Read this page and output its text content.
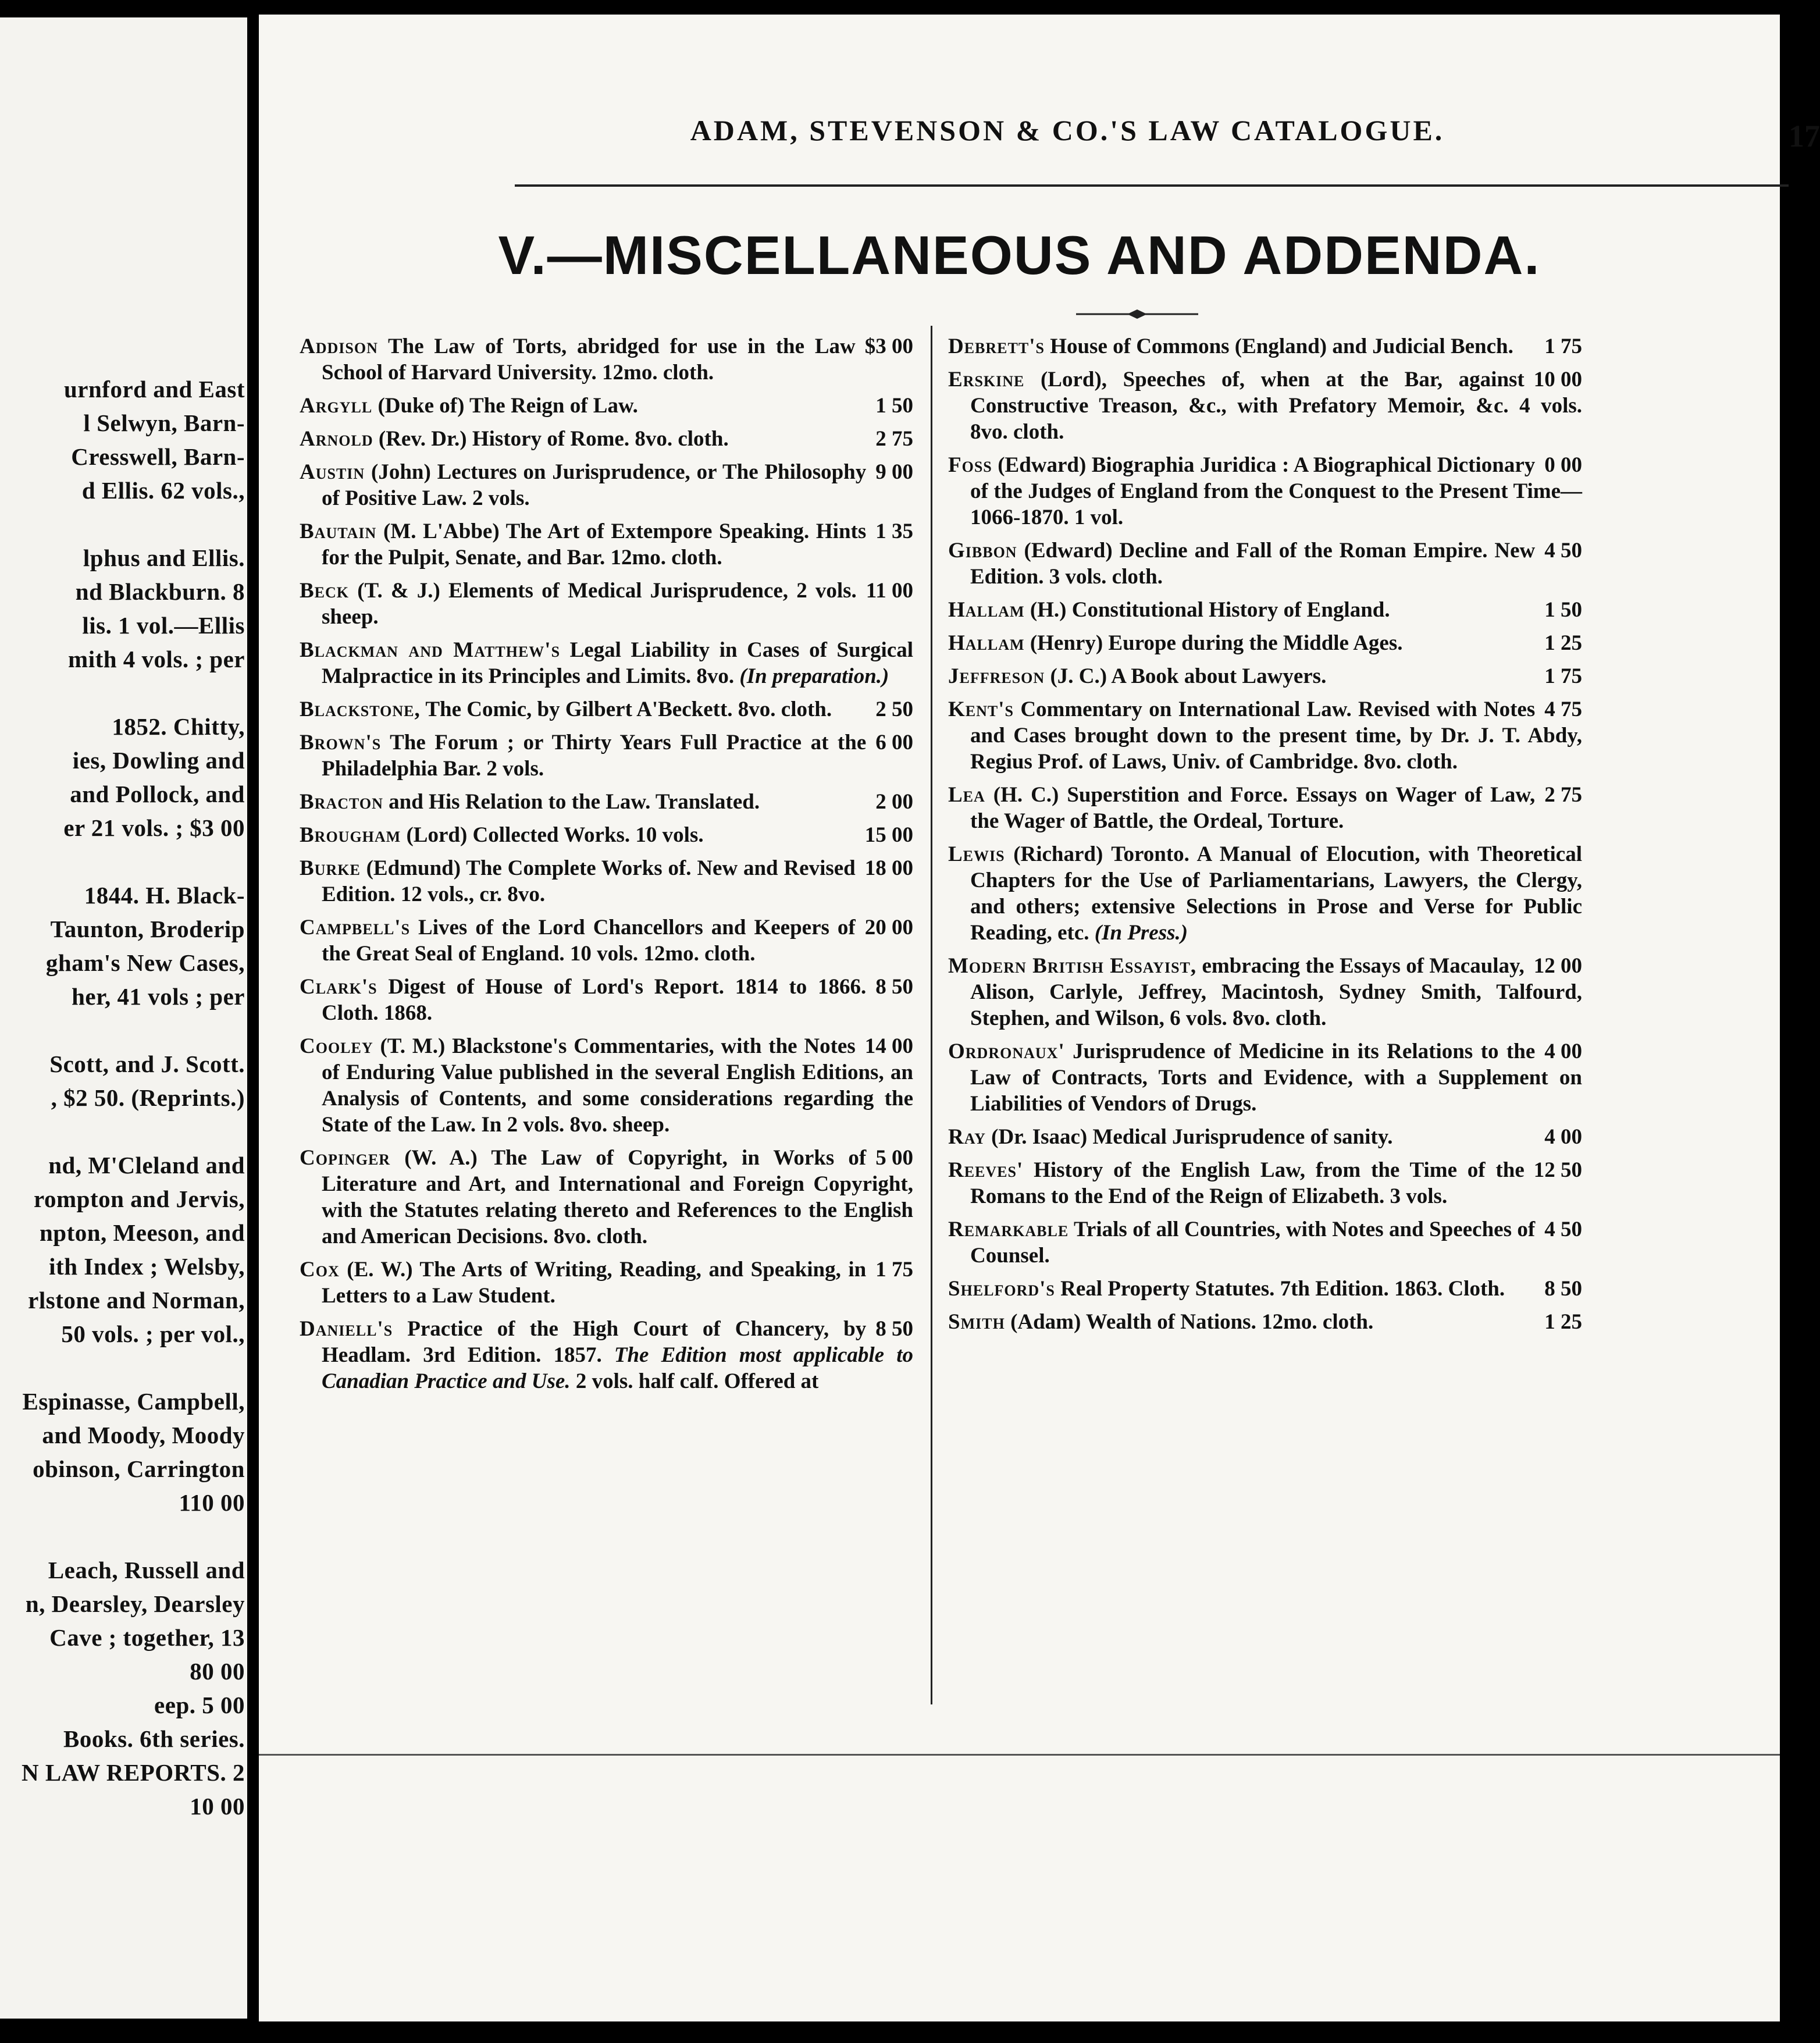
urnford and East
l Selwyn, Barn-
Cresswell, Barn-
d Ellis. 62 vols.,
lphus and Ellis.
nd Blackburn. 8
lis. 1 vol.—Ellis
mith 4 vols. ; per
1852. Chitty,
ies, Dowling and
and Pollock, and
er 21 vols. ; $3 00
1844. H. Black-
Taunton, Broderip
gham's New Cases,
her, 41 vols ; per
Scott, and J. Scott.
, $2 50. (Reprints.)
nd, M'Cleland and
rompton and Jervis,
npton, Meeson, and
ith Index ; Welsby,
rlstone and Norman,
50 vols. ; per vol.,
Espinasse, Campbell,
and Moody, Moody
obinson, Carrington
110 00
Leach, Russell and
n, Dearsley, Dearsley
Cave ; together, 13
80 00
eep. 5 00
Books. 6th series.
N LAW REPORTS. 2
10 00
ADAM, STEVENSON & CO.'S LAW CATALOGUE.	17
V.—MISCELLANEOUS AND ADDENDA.
$3 00
Addison The Law of Torts, abridged for use in the Law School of Harvard University. 12mo. cloth.
1 50
Argyll (Duke of) The Reign of Law.
2 75
Arnold (Rev. Dr.) History of Rome. 8vo. cloth.
9 00
Austin (John) Lectures on Jurisprudence, or The Philosophy of Positive Law. 2 vols.
1 35
Bautain (M. L'Abbe) The Art of Extempore Speaking. Hints for the Pulpit, Senate, and Bar. 12mo. cloth.
11 00
Beck (T. & J.) Elements of Medical Jurisprudence, 2 vols. sheep.
Blackman and Matthew's Legal Liability in Cases of Surgical Malpractice in its Principles and Limits. 8vo. (In preparation.)
2 50
Blackstone, The Comic, by Gilbert A'Beckett. 8vo. cloth.
6 00
Brown's The Forum ; or Thirty Years Full Practice at the Philadelphia Bar. 2 vols.
2 00
Bracton and His Relation to the Law. Translated.
15 00
Brougham (Lord) Collected Works. 10 vols.
18 00
Burke (Edmund) The Complete Works of. New and Revised Edition. 12 vols., cr. 8vo.
20 00
Campbell's Lives of the Lord Chancellors and Keepers of the Great Seal of England. 10 vols. 12mo. cloth.
8 50
Clark's Digest of House of Lord's Report. 1814 to 1866. Cloth. 1868.
14 00
Cooley (T. M.) Blackstone's Commentaries, with the Notes of Enduring Value published in the several English Editions, an Analysis of Contents, and some considerations regarding the State of the Law. In 2 vols. 8vo. sheep.
5 00
Copinger (W. A.) The Law of Copyright, in Works of Literature and Art, and International and Foreign Copyright, with the Statutes relating thereto and References to the English and American Decisions. 8vo. cloth.
1 75
Cox (E. W.) The Arts of Writing, Reading, and Speaking, in Letters to a Law Student.
8 50
Daniell's Practice of the High Court of Chancery, by Headlam. 3rd Edition. 1857. The Edition most applicable to Canadian Practice and Use. 2 vols. half calf. Offered at
1 75
Debrett's House of Commons (England) and Judicial Bench.
10 00
Erskine (Lord), Speeches of, when at the Bar, against Constructive Treason, &c., with Prefatory Memoir, &c. 4 vols. 8vo. cloth.
0 00
Foss (Edward) Biographia Juridica : A Biographical Dictionary of the Judges of England from the Conquest to the Present Time—1066-1870. 1 vol.
4 50
Gibbon (Edward) Decline and Fall of the Roman Empire. New Edition. 3 vols. cloth.
1 50
Hallam (H.) Constitutional History of England.
1 25
Hallam (Henry) Europe during the Middle Ages.
1 75
Jeffreson (J. C.) A Book about Lawyers.
4 75
Kent's Commentary on International Law. Revised with Notes and Cases brought down to the present time, by Dr. J. T. Abdy, Regius Prof. of Laws, Univ. of Cambridge. 8vo. cloth.
2 75
Lea (H. C.) Superstition and Force. Essays on Wager of Law, the Wager of Battle, the Ordeal, Torture.
Lewis (Richard) Toronto. A Manual of Elocution, with Theoretical Chapters for the Use of Parliamentarians, Lawyers, the Clergy, and others; extensive Selections in Prose and Verse for Public Reading, etc. (In Press.)
12 00
Modern British Essayist, embracing the Essays of Macaulay, Alison, Carlyle, Jeffrey, Macintosh, Sydney Smith, Talfourd, Stephen, and Wilson, 6 vols. 8vo. cloth.
4 00
Ordronaux' Jurisprudence of Medicine in its Relations to the Law of Contracts, Torts and Evidence, with a Supplement on Liabilities of Vendors of Drugs.
4 00
Ray (Dr. Isaac) Medical Jurisprudence of sanity.
12 50
Reeves' History of the English Law, from the Time of the Romans to the End of the Reign of Elizabeth. 3 vols.
4 50
Remarkable Trials of all Countries, with Notes and Speeches of Counsel.
8 50
Shelford's Real Property Statutes. 7th Edition. 1863. Cloth.
1 25
Smith (Adam) Wealth of Nations. 12mo. cloth.
